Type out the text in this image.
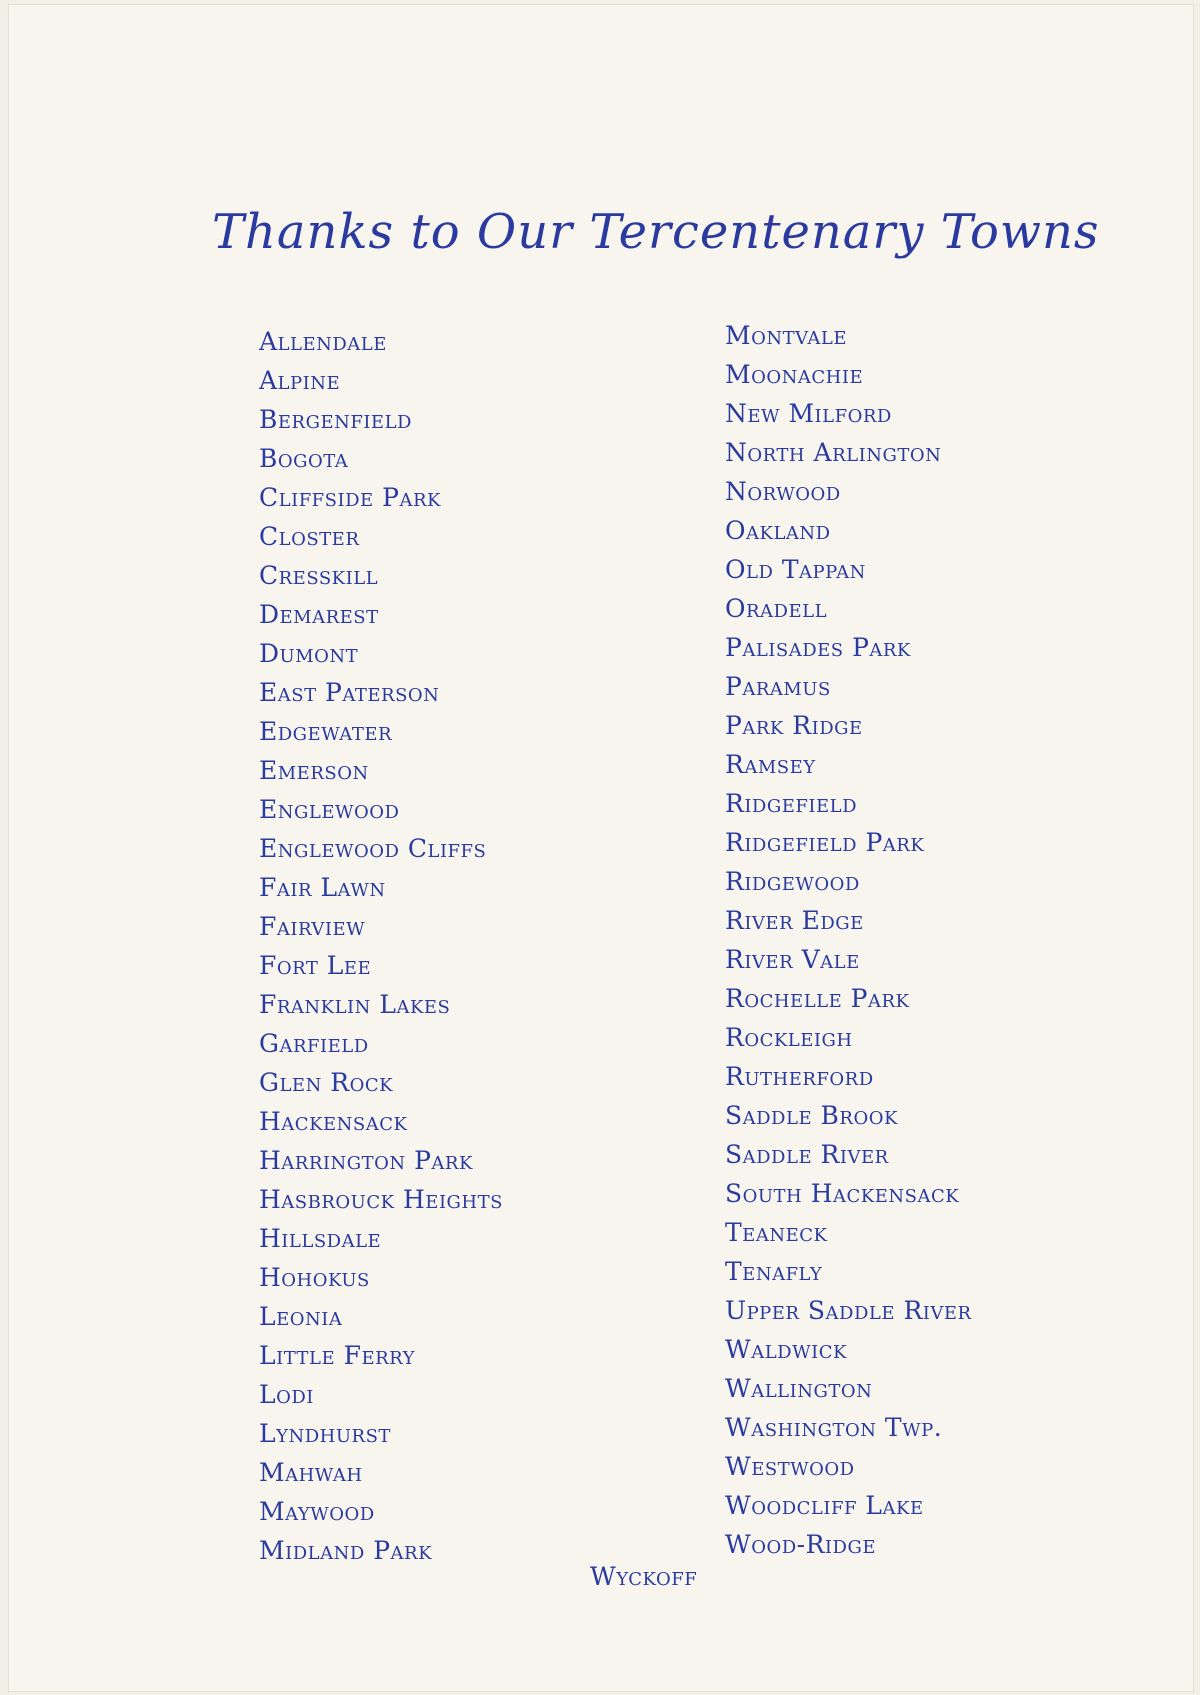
Thanks to Our Tercentenary Towns
Allendale
Alpine
Bergenfield
Bogota
Cliffside Park
Closter
Cresskill
Demarest
Dumont
East Paterson
Edgewater
Emerson
Englewood
Englewood Cliffs
Fair Lawn
Fairview
Fort Lee
Franklin Lakes
Garfield
Glen Rock
Hackensack
Harrington Park
Hasbrouck Heights
Hillsdale
Hohokus
Leonia
Little Ferry
Lodi
Lyndhurst
Mahwah
Maywood
Midland Park
Montvale
Moonachie
New Milford
North Arlington
Norwood
Oakland
Old Tappan
Oradell
Palisades Park
Paramus
Park Ridge
Ramsey
Ridgefield
Ridgefield Park
Ridgewood
River Edge
River Vale
Rochelle Park
Rockleigh
Rutherford
Saddle Brook
Saddle River
South Hackensack
Teaneck
Tenafly
Upper Saddle River
Waldwick
Wallington
Washington Twp.
Westwood
Woodcliff Lake
Wood-Ridge
Wyckoff
